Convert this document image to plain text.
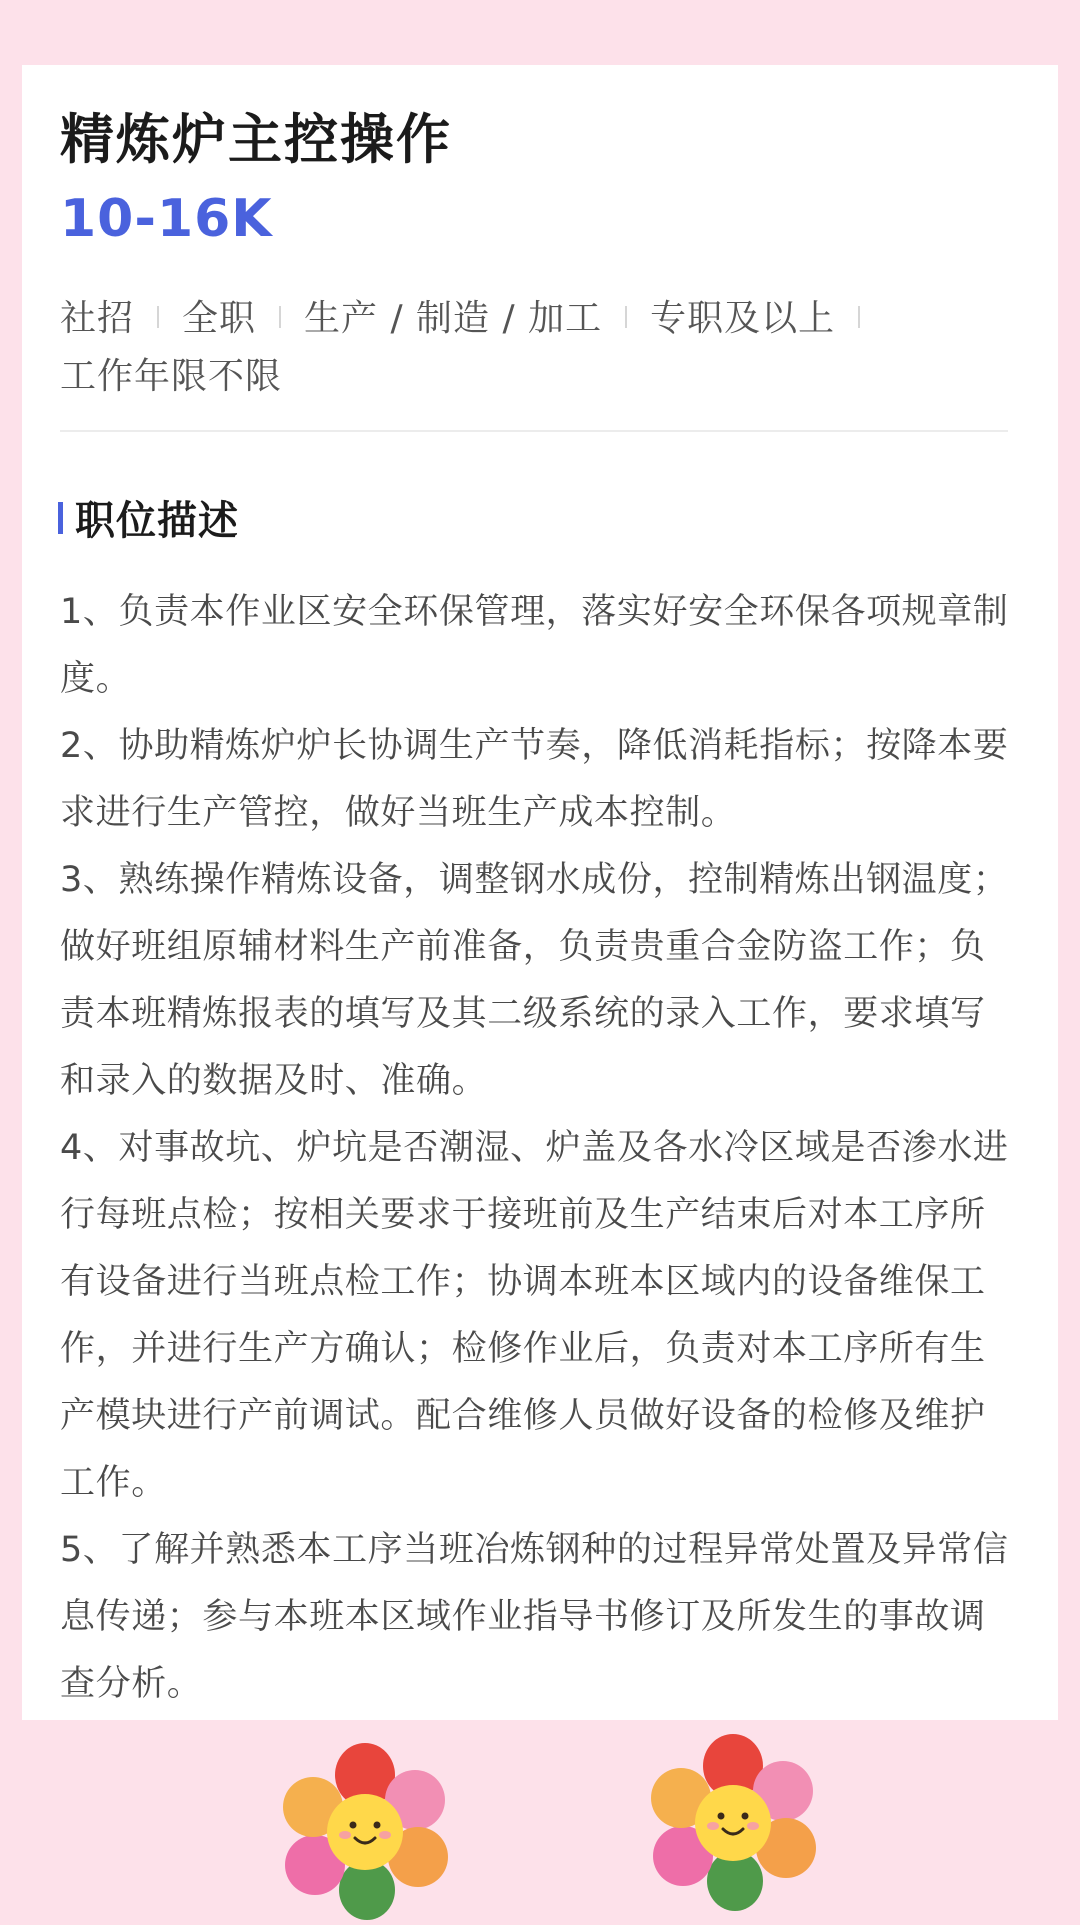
精炼炉主控操作
10-16K
社招 全职 生产 / 制造 / 加工 专职及以上
工作年限不限
职位描述

1、负责本作业区安全环保管理，落实好安全环保各项规章制度。

2、协助精炼炉炉长协调生产节奏，降低消耗指标；按降本要求进行生产管控，做好当班生产成本控制。

3、熟练操作精炼设备，调整钢水成份，控制精炼出钢温度；做好班组原辅材料生产前准备，负责贵重合金防盗工作；负责本班精炼报表的填写及其二级系统的录入工作，要求填写和录入的数据及时、准确。

4、对事故坑、炉坑是否潮湿、炉盖及各水冷区域是否渗水进行每班点检；按相关要求于接班前及生产结束后对本工序所有设备进行当班点检工作；协调本班本区域内的设备维保工作，并进行生产方确认；检修作业后，负责对本工序所有生产模块进行产前调试。配合维修人员做好设备的检修及维护工作。

5、了解并熟悉本工序当班冶炼钢种的过程异常处置及异常信息传递；参与本班本区域作业指导书修订及所发生的事故调查分析。
